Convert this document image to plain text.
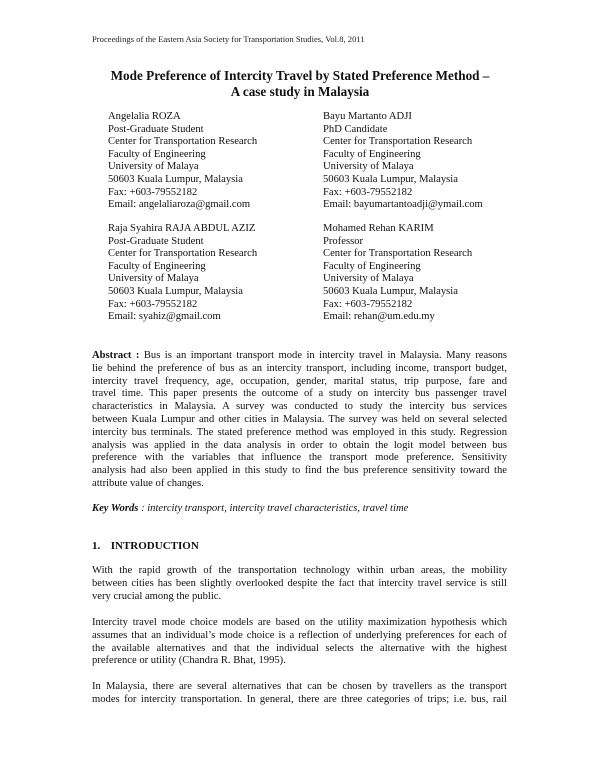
Proceedings of the Eastern Asia Society for Transportation Studies, Vol.8, 2011
Mode Preference of Intercity Travel by Stated Preference Method –
A case study in Malaysia
Angelalia ROZA
Post-Graduate Student
Center for Transportation Research
Faculty of Engineering
University of Malaya
50603 Kuala Lumpur, Malaysia
Fax: +603-79552182
Email: angelaliaroza@gmail.com
Bayu Martanto ADJI
PhD Candidate
Center for Transportation Research
Faculty of Engineering
University of Malaya
50603 Kuala Lumpur, Malaysia
Fax: +603-79552182
Email: bayumartantoadji@ymail.com
Raja Syahira RAJA ABDUL AZIZ
Post-Graduate Student
Center for Transportation Research
Faculty of Engineering
University of Malaya
50603 Kuala Lumpur, Malaysia
Fax: +603-79552182
Email: syahiz@gmail.com
Mohamed Rehan KARIM
Professor
Center for Transportation Research
Faculty of Engineering
University of Malaya
50603 Kuala Lumpur, Malaysia
Fax: +603-79552182
Email: rehan@um.edu.my
Abstract : Bus is an important transport mode in intercity travel in Malaysia. Many reasons
lie behind the preference of bus as an intercity transport, including income, transport budget,
intercity travel frequency, age, occupation, gender, marital status, trip purpose, fare and
travel time. This paper presents the outcome of a study on intercity bus passenger travel
characteristics in Malaysia. A survey was conducted to study the intercity bus services
between Kuala Lumpur and other cities in Malaysia. The survey was held on several selected
intercity bus terminals. The stated preference method was employed in this study. Regression
analysis was applied in the data analysis in order to obtain the logit model between bus
preference with the variables that influence the transport mode preference. Sensitivity
analysis had also been applied in this study to find the bus preference sensitivity toward the
attribute value of changes.
Key Words : intercity transport, intercity travel characteristics, travel time
1. INTRODUCTION
With the rapid growth of the transportation technology within urban areas, the mobility
between cities has been slightly overlooked despite the fact that intercity travel service is still
very crucial among the public.
Intercity travel mode choice models are based on the utility maximization hypothesis which
assumes that an individual’s mode choice is a reflection of underlying preferences for each of
the available alternatives and that the individual selects the alternative with the highest
preference or utility (Chandra R. Bhat, 1995).
In Malaysia, there are several alternatives that can be chosen by travellers as the transport
modes for intercity transportation. In general, there are three categories of trips; i.e. bus, rail
